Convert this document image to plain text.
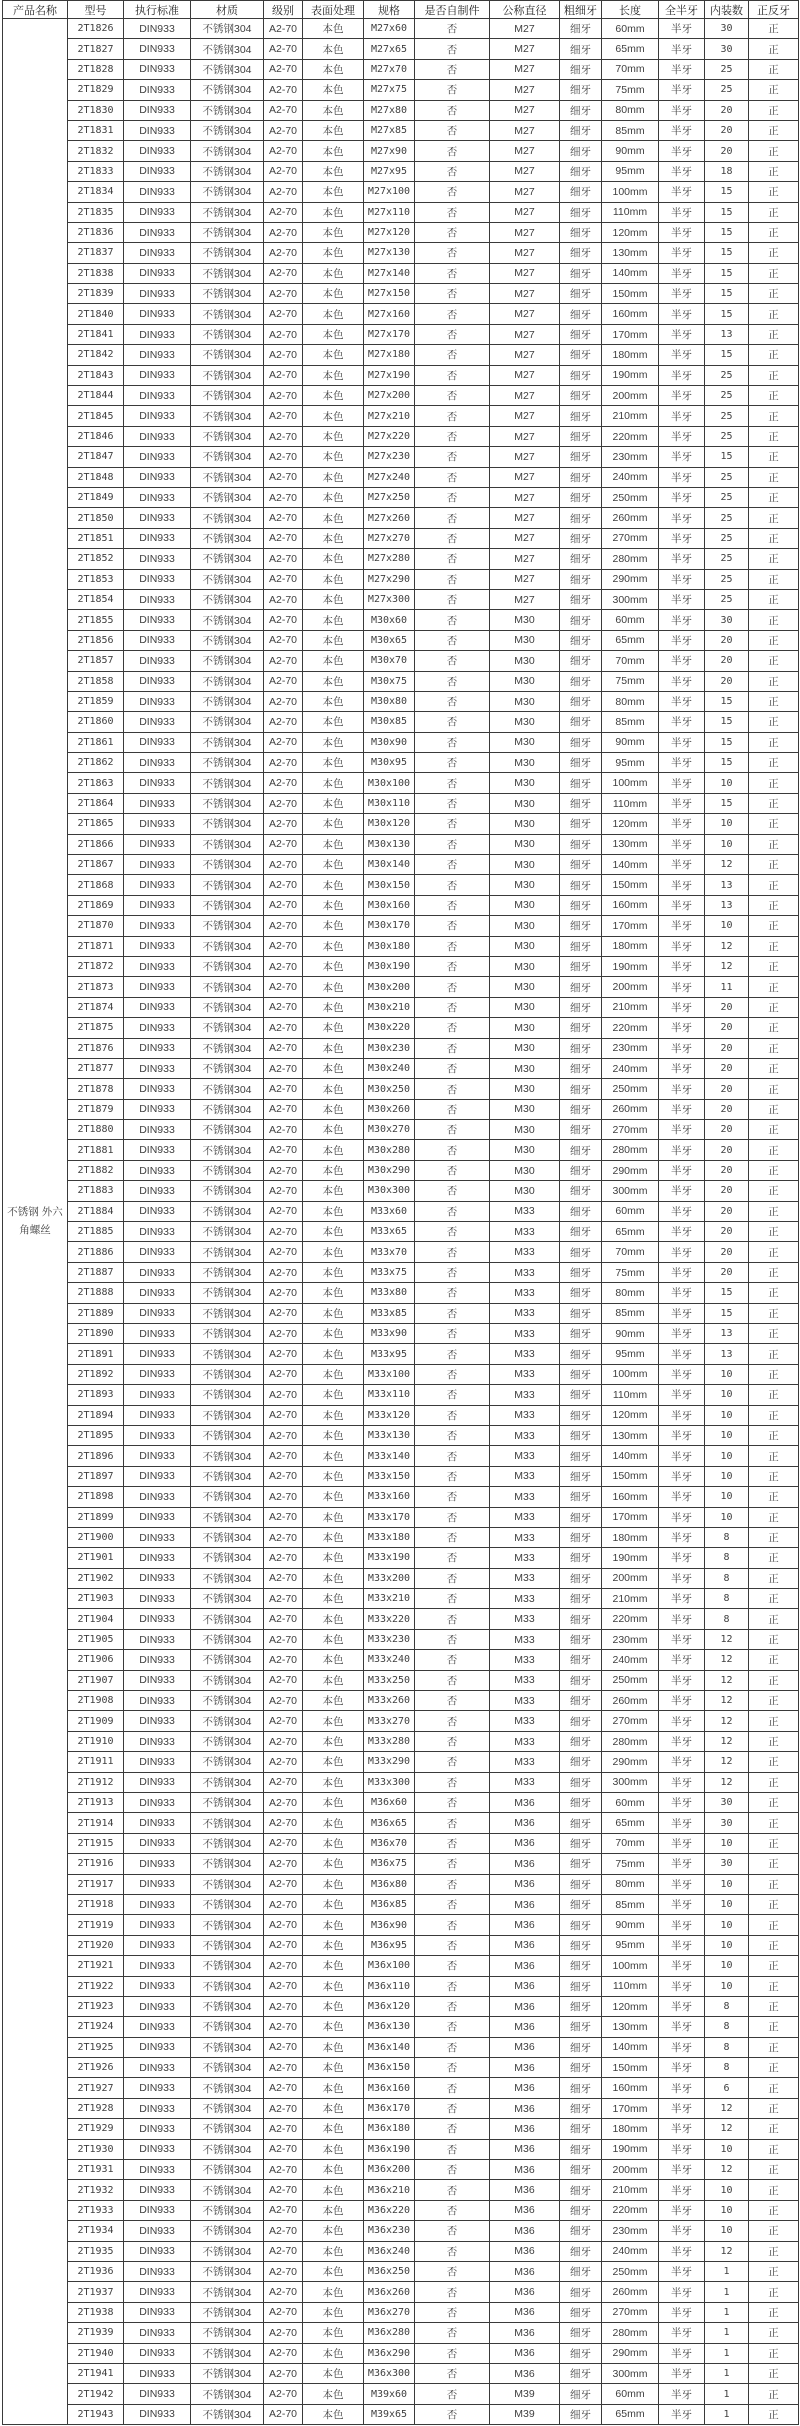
产品名称	型号	执行标准	材质	级别	表面处理	规格	是否自制件	公称直径	粗细牙	长度	全半牙	内装数	正反牙
不锈钢 外六角螺丝	2T1826	DIN933	不锈钢304	A2-70	本色	M27x60	否	M27	细牙	60mm	半牙	30	正
	2T1827	DIN933	不锈钢304	A2-70	本色	M27x65	否	M27	细牙	65mm	半牙	30	正
	2T1828	DIN933	不锈钢304	A2-70	本色	M27x70	否	M27	细牙	70mm	半牙	25	正
	2T1829	DIN933	不锈钢304	A2-70	本色	M27x75	否	M27	细牙	75mm	半牙	25	正
	2T1830	DIN933	不锈钢304	A2-70	本色	M27x80	否	M27	细牙	80mm	半牙	20	正
	2T1831	DIN933	不锈钢304	A2-70	本色	M27x85	否	M27	细牙	85mm	半牙	20	正
	2T1832	DIN933	不锈钢304	A2-70	本色	M27x90	否	M27	细牙	90mm	半牙	20	正
	2T1833	DIN933	不锈钢304	A2-70	本色	M27x95	否	M27	细牙	95mm	半牙	18	正
	2T1834	DIN933	不锈钢304	A2-70	本色	M27x100	否	M27	细牙	100mm	半牙	15	正
	2T1835	DIN933	不锈钢304	A2-70	本色	M27x110	否	M27	细牙	110mm	半牙	15	正
	2T1836	DIN933	不锈钢304	A2-70	本色	M27x120	否	M27	细牙	120mm	半牙	15	正
	2T1837	DIN933	不锈钢304	A2-70	本色	M27x130	否	M27	细牙	130mm	半牙	15	正
	2T1838	DIN933	不锈钢304	A2-70	本色	M27x140	否	M27	细牙	140mm	半牙	15	正
	2T1839	DIN933	不锈钢304	A2-70	本色	M27x150	否	M27	细牙	150mm	半牙	15	正
	2T1840	DIN933	不锈钢304	A2-70	本色	M27x160	否	M27	细牙	160mm	半牙	15	正
	2T1841	DIN933	不锈钢304	A2-70	本色	M27x170	否	M27	细牙	170mm	半牙	13	正
	2T1842	DIN933	不锈钢304	A2-70	本色	M27x180	否	M27	细牙	180mm	半牙	15	正
	2T1843	DIN933	不锈钢304	A2-70	本色	M27x190	否	M27	细牙	190mm	半牙	25	正
	2T1844	DIN933	不锈钢304	A2-70	本色	M27x200	否	M27	细牙	200mm	半牙	25	正
	2T1845	DIN933	不锈钢304	A2-70	本色	M27x210	否	M27	细牙	210mm	半牙	25	正
	2T1846	DIN933	不锈钢304	A2-70	本色	M27x220	否	M27	细牙	220mm	半牙	25	正
	2T1847	DIN933	不锈钢304	A2-70	本色	M27x230	否	M27	细牙	230mm	半牙	15	正
	2T1848	DIN933	不锈钢304	A2-70	本色	M27x240	否	M27	细牙	240mm	半牙	25	正
	2T1849	DIN933	不锈钢304	A2-70	本色	M27x250	否	M27	细牙	250mm	半牙	25	正
	2T1850	DIN933	不锈钢304	A2-70	本色	M27x260	否	M27	细牙	260mm	半牙	25	正
	2T1851	DIN933	不锈钢304	A2-70	本色	M27x270	否	M27	细牙	270mm	半牙	25	正
	2T1852	DIN933	不锈钢304	A2-70	本色	M27x280	否	M27	细牙	280mm	半牙	25	正
	2T1853	DIN933	不锈钢304	A2-70	本色	M27x290	否	M27	细牙	290mm	半牙	25	正
	2T1854	DIN933	不锈钢304	A2-70	本色	M27x300	否	M27	细牙	300mm	半牙	25	正
	2T1855	DIN933	不锈钢304	A2-70	本色	M30x60	否	M30	细牙	60mm	半牙	30	正
	2T1856	DIN933	不锈钢304	A2-70	本色	M30x65	否	M30	细牙	65mm	半牙	20	正
	2T1857	DIN933	不锈钢304	A2-70	本色	M30x70	否	M30	细牙	70mm	半牙	20	正
	2T1858	DIN933	不锈钢304	A2-70	本色	M30x75	否	M30	细牙	75mm	半牙	20	正
	2T1859	DIN933	不锈钢304	A2-70	本色	M30x80	否	M30	细牙	80mm	半牙	15	正
	2T1860	DIN933	不锈钢304	A2-70	本色	M30x85	否	M30	细牙	85mm	半牙	15	正
	2T1861	DIN933	不锈钢304	A2-70	本色	M30x90	否	M30	细牙	90mm	半牙	15	正
	2T1862	DIN933	不锈钢304	A2-70	本色	M30x95	否	M30	细牙	95mm	半牙	15	正
	2T1863	DIN933	不锈钢304	A2-70	本色	M30x100	否	M30	细牙	100mm	半牙	10	正
	2T1864	DIN933	不锈钢304	A2-70	本色	M30x110	否	M30	细牙	110mm	半牙	15	正
	2T1865	DIN933	不锈钢304	A2-70	本色	M30x120	否	M30	细牙	120mm	半牙	10	正
	2T1866	DIN933	不锈钢304	A2-70	本色	M30x130	否	M30	细牙	130mm	半牙	10	正
	2T1867	DIN933	不锈钢304	A2-70	本色	M30x140	否	M30	细牙	140mm	半牙	12	正
	2T1868	DIN933	不锈钢304	A2-70	本色	M30x150	否	M30	细牙	150mm	半牙	13	正
	2T1869	DIN933	不锈钢304	A2-70	本色	M30x160	否	M30	细牙	160mm	半牙	13	正
	2T1870	DIN933	不锈钢304	A2-70	本色	M30x170	否	M30	细牙	170mm	半牙	10	正
	2T1871	DIN933	不锈钢304	A2-70	本色	M30x180	否	M30	细牙	180mm	半牙	12	正
	2T1872	DIN933	不锈钢304	A2-70	本色	M30x190	否	M30	细牙	190mm	半牙	12	正
	2T1873	DIN933	不锈钢304	A2-70	本色	M30x200	否	M30	细牙	200mm	半牙	11	正
	2T1874	DIN933	不锈钢304	A2-70	本色	M30x210	否	M30	细牙	210mm	半牙	20	正
	2T1875	DIN933	不锈钢304	A2-70	本色	M30x220	否	M30	细牙	220mm	半牙	20	正
	2T1876	DIN933	不锈钢304	A2-70	本色	M30x230	否	M30	细牙	230mm	半牙	20	正
	2T1877	DIN933	不锈钢304	A2-70	本色	M30x240	否	M30	细牙	240mm	半牙	20	正
	2T1878	DIN933	不锈钢304	A2-70	本色	M30x250	否	M30	细牙	250mm	半牙	20	正
	2T1879	DIN933	不锈钢304	A2-70	本色	M30x260	否	M30	细牙	260mm	半牙	20	正
	2T1880	DIN933	不锈钢304	A2-70	本色	M30x270	否	M30	细牙	270mm	半牙	20	正
	2T1881	DIN933	不锈钢304	A2-70	本色	M30x280	否	M30	细牙	280mm	半牙	20	正
	2T1882	DIN933	不锈钢304	A2-70	本色	M30x290	否	M30	细牙	290mm	半牙	20	正
	2T1883	DIN933	不锈钢304	A2-70	本色	M30x300	否	M30	细牙	300mm	半牙	20	正
	2T1884	DIN933	不锈钢304	A2-70	本色	M33x60	否	M33	细牙	60mm	半牙	20	正
	2T1885	DIN933	不锈钢304	A2-70	本色	M33x65	否	M33	细牙	65mm	半牙	20	正
	2T1886	DIN933	不锈钢304	A2-70	本色	M33x70	否	M33	细牙	70mm	半牙	20	正
	2T1887	DIN933	不锈钢304	A2-70	本色	M33x75	否	M33	细牙	75mm	半牙	20	正
	2T1888	DIN933	不锈钢304	A2-70	本色	M33x80	否	M33	细牙	80mm	半牙	15	正
	2T1889	DIN933	不锈钢304	A2-70	本色	M33x85	否	M33	细牙	85mm	半牙	15	正
	2T1890	DIN933	不锈钢304	A2-70	本色	M33x90	否	M33	细牙	90mm	半牙	13	正
	2T1891	DIN933	不锈钢304	A2-70	本色	M33x95	否	M33	细牙	95mm	半牙	13	正
	2T1892	DIN933	不锈钢304	A2-70	本色	M33x100	否	M33	细牙	100mm	半牙	10	正
	2T1893	DIN933	不锈钢304	A2-70	本色	M33x110	否	M33	细牙	110mm	半牙	10	正
	2T1894	DIN933	不锈钢304	A2-70	本色	M33x120	否	M33	细牙	120mm	半牙	10	正
	2T1895	DIN933	不锈钢304	A2-70	本色	M33x130	否	M33	细牙	130mm	半牙	10	正
	2T1896	DIN933	不锈钢304	A2-70	本色	M33x140	否	M33	细牙	140mm	半牙	10	正
	2T1897	DIN933	不锈钢304	A2-70	本色	M33x150	否	M33	细牙	150mm	半牙	10	正
	2T1898	DIN933	不锈钢304	A2-70	本色	M33x160	否	M33	细牙	160mm	半牙	10	正
	2T1899	DIN933	不锈钢304	A2-70	本色	M33x170	否	M33	细牙	170mm	半牙	10	正
	2T1900	DIN933	不锈钢304	A2-70	本色	M33x180	否	M33	细牙	180mm	半牙	8	正
	2T1901	DIN933	不锈钢304	A2-70	本色	M33x190	否	M33	细牙	190mm	半牙	8	正
	2T1902	DIN933	不锈钢304	A2-70	本色	M33x200	否	M33	细牙	200mm	半牙	8	正
	2T1903	DIN933	不锈钢304	A2-70	本色	M33x210	否	M33	细牙	210mm	半牙	8	正
	2T1904	DIN933	不锈钢304	A2-70	本色	M33x220	否	M33	细牙	220mm	半牙	8	正
	2T1905	DIN933	不锈钢304	A2-70	本色	M33x230	否	M33	细牙	230mm	半牙	12	正
	2T1906	DIN933	不锈钢304	A2-70	本色	M33x240	否	M33	细牙	240mm	半牙	12	正
	2T1907	DIN933	不锈钢304	A2-70	本色	M33x250	否	M33	细牙	250mm	半牙	12	正
	2T1908	DIN933	不锈钢304	A2-70	本色	M33x260	否	M33	细牙	260mm	半牙	12	正
	2T1909	DIN933	不锈钢304	A2-70	本色	M33x270	否	M33	细牙	270mm	半牙	12	正
	2T1910	DIN933	不锈钢304	A2-70	本色	M33x280	否	M33	细牙	280mm	半牙	12	正
	2T1911	DIN933	不锈钢304	A2-70	本色	M33x290	否	M33	细牙	290mm	半牙	12	正
	2T1912	DIN933	不锈钢304	A2-70	本色	M33x300	否	M33	细牙	300mm	半牙	12	正
	2T1913	DIN933	不锈钢304	A2-70	本色	M36x60	否	M36	细牙	60mm	半牙	30	正
	2T1914	DIN933	不锈钢304	A2-70	本色	M36x65	否	M36	细牙	65mm	半牙	30	正
	2T1915	DIN933	不锈钢304	A2-70	本色	M36x70	否	M36	细牙	70mm	半牙	10	正
	2T1916	DIN933	不锈钢304	A2-70	本色	M36x75	否	M36	细牙	75mm	半牙	30	正
	2T1917	DIN933	不锈钢304	A2-70	本色	M36x80	否	M36	细牙	80mm	半牙	10	正
	2T1918	DIN933	不锈钢304	A2-70	本色	M36x85	否	M36	细牙	85mm	半牙	10	正
	2T1919	DIN933	不锈钢304	A2-70	本色	M36x90	否	M36	细牙	90mm	半牙	10	正
	2T1920	DIN933	不锈钢304	A2-70	本色	M36x95	否	M36	细牙	95mm	半牙	10	正
	2T1921	DIN933	不锈钢304	A2-70	本色	M36x100	否	M36	细牙	100mm	半牙	10	正
	2T1922	DIN933	不锈钢304	A2-70	本色	M36x110	否	M36	细牙	110mm	半牙	10	正
	2T1923	DIN933	不锈钢304	A2-70	本色	M36x120	否	M36	细牙	120mm	半牙	8	正
	2T1924	DIN933	不锈钢304	A2-70	本色	M36x130	否	M36	细牙	130mm	半牙	8	正
	2T1925	DIN933	不锈钢304	A2-70	本色	M36x140	否	M36	细牙	140mm	半牙	8	正
	2T1926	DIN933	不锈钢304	A2-70	本色	M36x150	否	M36	细牙	150mm	半牙	8	正
	2T1927	DIN933	不锈钢304	A2-70	本色	M36x160	否	M36	细牙	160mm	半牙	6	正
	2T1928	DIN933	不锈钢304	A2-70	本色	M36x170	否	M36	细牙	170mm	半牙	12	正
	2T1929	DIN933	不锈钢304	A2-70	本色	M36x180	否	M36	细牙	180mm	半牙	12	正
	2T1930	DIN933	不锈钢304	A2-70	本色	M36x190	否	M36	细牙	190mm	半牙	10	正
	2T1931	DIN933	不锈钢304	A2-70	本色	M36x200	否	M36	细牙	200mm	半牙	12	正
	2T1932	DIN933	不锈钢304	A2-70	本色	M36x210	否	M36	细牙	210mm	半牙	10	正
	2T1933	DIN933	不锈钢304	A2-70	本色	M36x220	否	M36	细牙	220mm	半牙	10	正
	2T1934	DIN933	不锈钢304	A2-70	本色	M36x230	否	M36	细牙	230mm	半牙	10	正
	2T1935	DIN933	不锈钢304	A2-70	本色	M36x240	否	M36	细牙	240mm	半牙	12	正
	2T1936	DIN933	不锈钢304	A2-70	本色	M36x250	否	M36	细牙	250mm	半牙	1	正
	2T1937	DIN933	不锈钢304	A2-70	本色	M36x260	否	M36	细牙	260mm	半牙	1	正
	2T1938	DIN933	不锈钢304	A2-70	本色	M36x270	否	M36	细牙	270mm	半牙	1	正
	2T1939	DIN933	不锈钢304	A2-70	本色	M36x280	否	M36	细牙	280mm	半牙	1	正
	2T1940	DIN933	不锈钢304	A2-70	本色	M36x290	否	M36	细牙	290mm	半牙	1	正
	2T1941	DIN933	不锈钢304	A2-70	本色	M36x300	否	M36	细牙	300mm	半牙	1	正
	2T1942	DIN933	不锈钢304	A2-70	本色	M39x60	否	M39	细牙	60mm	半牙	1	正
	2T1943	DIN933	不锈钢304	A2-70	本色	M39x65	否	M39	细牙	65mm	半牙	1	正
